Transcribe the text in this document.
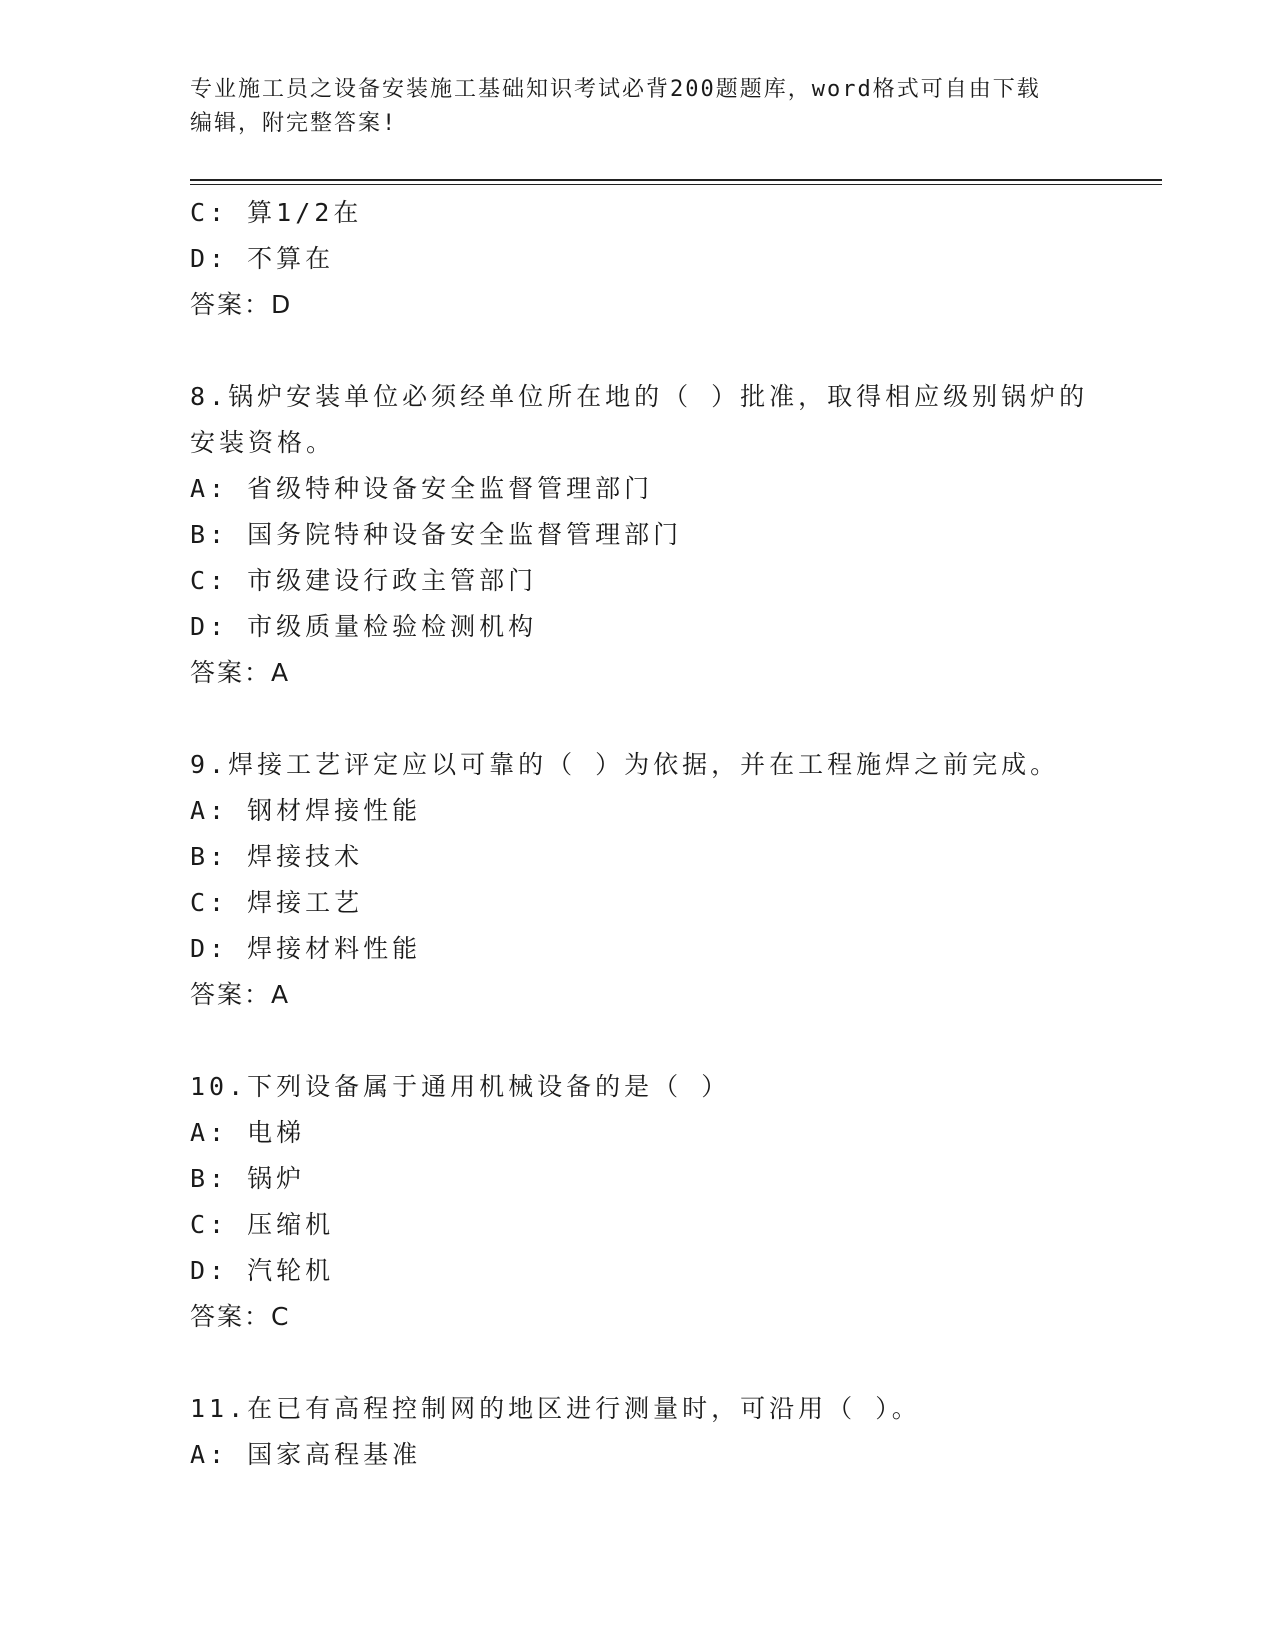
专业施工员之设备安装施工基础知识考试必背200题题库，word格式可自由下载
编辑，附完整答案!
C: 算1/2在
D: 不算在
答案：D
8.锅炉安装单位必须经单位所在地的（ ）批准，取得相应级别锅炉的
安装资格。
A: 省级特种设备安全监督管理部门
B: 国务院特种设备安全监督管理部门
C: 市级建设行政主管部门
D: 市级质量检验检测机构
答案：A
9.焊接工艺评定应以可靠的（ ）为依据，并在工程施焊之前完成。
A: 钢材焊接性能
B: 焊接技术
C: 焊接工艺
D: 焊接材料性能
答案：A
10.下列设备属于通用机械设备的是（ ）
A: 电梯
B: 锅炉
C: 压缩机
D: 汽轮机
答案：C
11.在已有高程控制网的地区进行测量时，可沿用（ ）。
A: 国家高程基准
